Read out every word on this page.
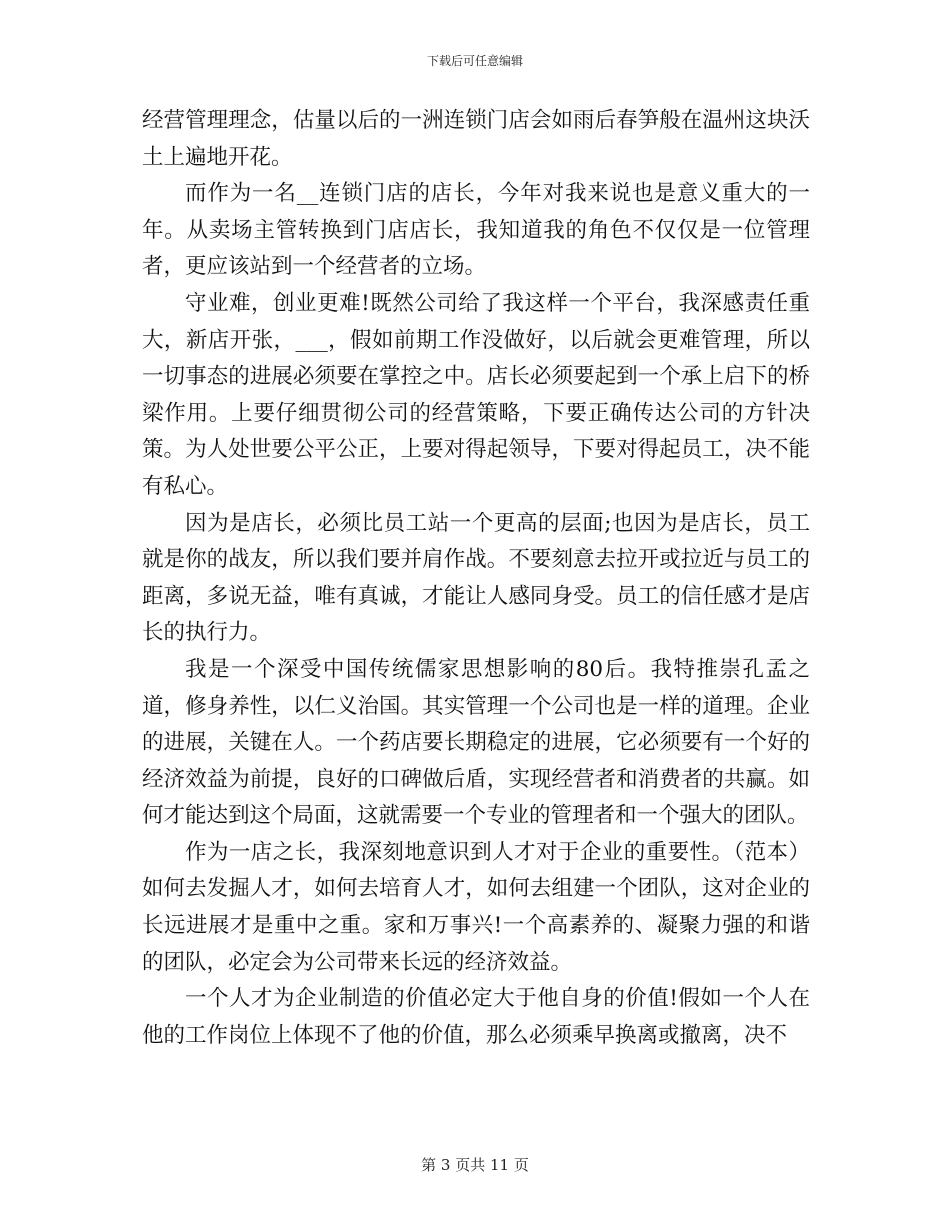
下载后可任意编辑

经营管理理念，估量以后的一洲连锁门店会如雨后春笋般在温州这块沃土上遍地开花。

而作为一名__连锁门店的店长，今年对我来说也是意义重大的一年。从卖场主管转换到门店店长，我知道我的角色不仅仅是一位管理者，更应该站到一个经营者的立场。

守业难，创业更难!既然公司给了我这样一个平台，我深感责任重大，新店开张，___，假如前期工作没做好，以后就会更难管理，所以一切事态的进展必须要在掌控之中。店长必须要起到一个承上启下的桥梁作用。上要仔细贯彻公司的经营策略，下要正确传达公司的方针决策。为人处世要公平公正，上要对得起领导，下要对得起员工，决不能有私心。

因为是店长，必须比员工站一个更高的层面;也因为是店长，员工就是你的战友，所以我们要并肩作战。不要刻意去拉开或拉近与员工的距离，多说无益，唯有真诚，才能让人感同身受。员工的信任感才是店长的执行力。

我是一个深受中国传统儒家思想影响的80后。我特推崇孔孟之道，修身养性，以仁义治国。其实管理一个公司也是一样的道理。企业的进展，关键在人。一个药店要长期稳定的进展，它必须要有一个好的经济效益为前提，良好的口碑做后盾，实现经营者和消费者的共赢。如何才能达到这个局面，这就需要一个专业的管理者和一个强大的团队。

作为一店之长，我深刻地意识到人才对于企业的重要性。（范本）如何去发掘人才，如何去培育人才，如何去组建一个团队，这对企业的长远进展才是重中之重。家和万事兴!一个高素养的、凝聚力强的和谐的团队，必定会为公司带来长远的经济效益。

一个人才为企业制造的价值必定大于他自身的价值!假如一个人在他的工作岗位上体现不了他的价值，那么必须乘早换离或撤离，决不

第 3 页共 11 页
